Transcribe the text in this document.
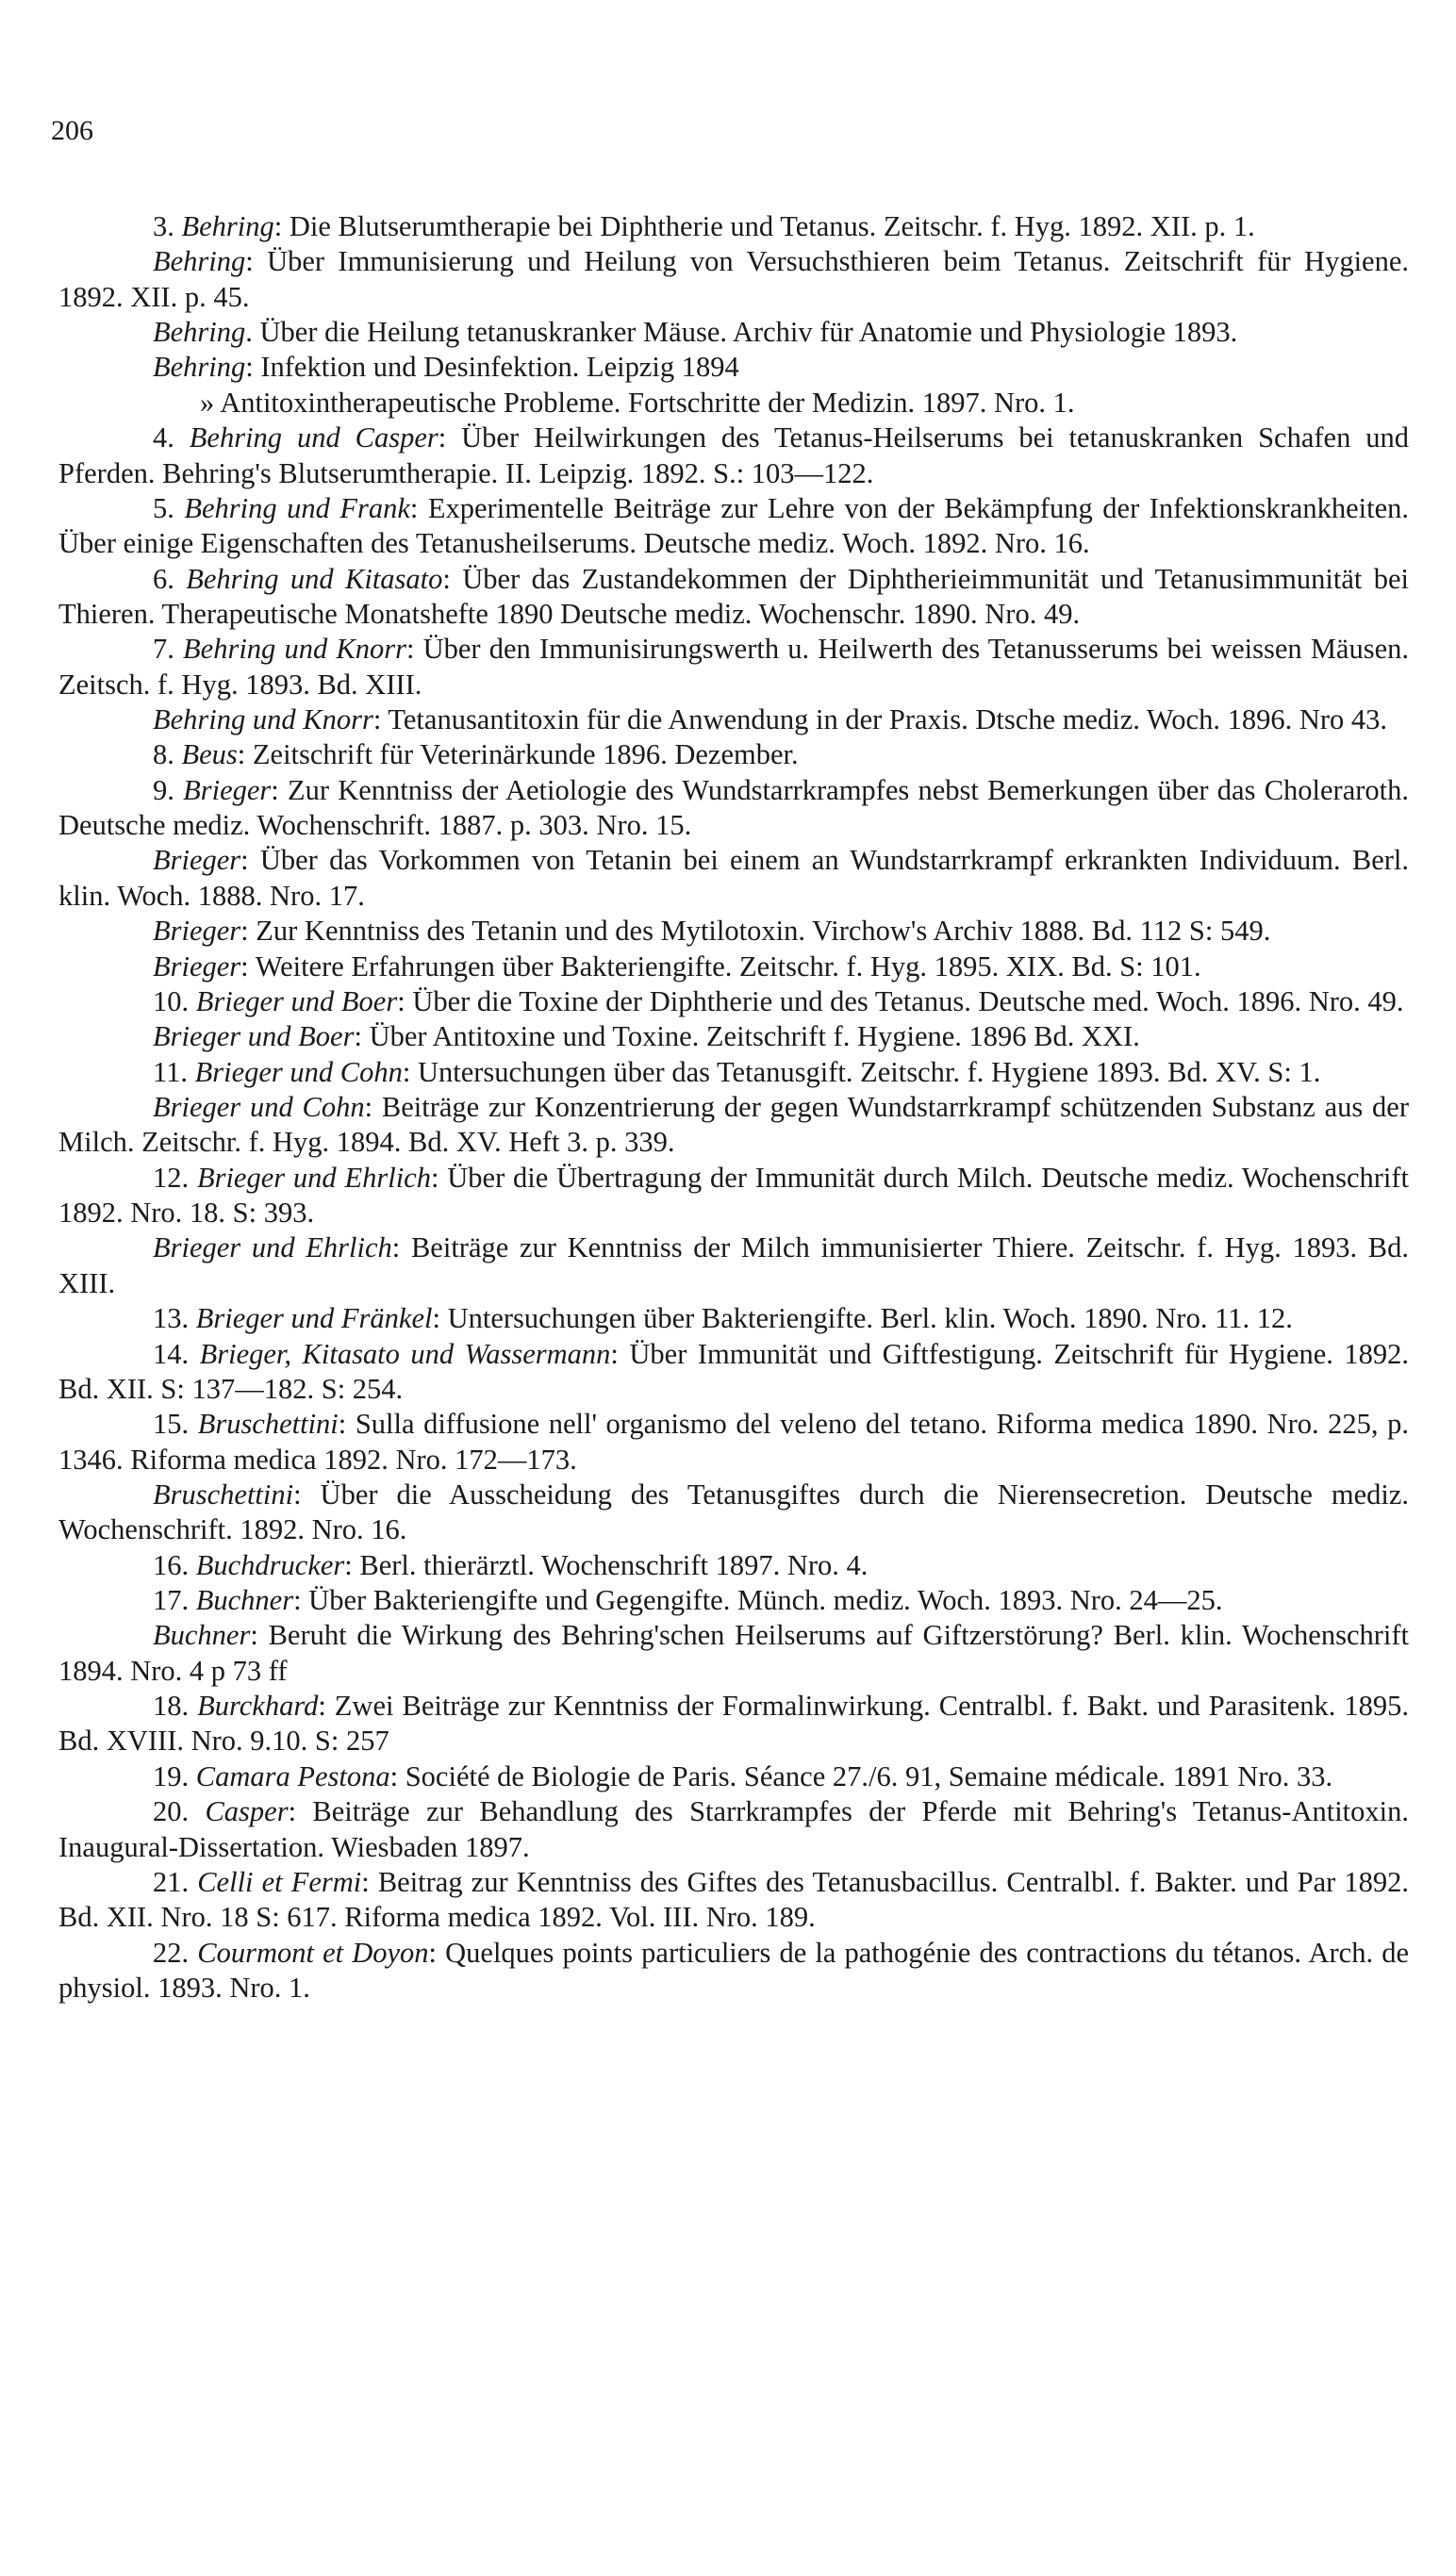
206

3. Behring: Die Blutserumtherapie bei Diphtherie und Tetanus. Zeitschr. f. Hyg. 1892. XII. p. 1.

Behring: Über Immunisierung und Heilung von Versuchsthieren beim Tetanus. Zeitschrift für Hygiene. 1892. XII. p. 45.

Behring. Über die Heilung tetanuskranker Mäuse. Archiv für Anatomie und Physiologie 1893.

Behring: Infektion und Desinfektion. Leipzig 1894

» Antitoxintherapeutische Probleme. Fortschritte der Medizin. 1897. Nro. 1.

4. Behring und Casper: Über Heilwirkungen des Tetanus-Heilserums bei tetanuskranken Schafen und Pferden. Behring's Blutserumtherapie. II. Leipzig. 1892. S.: 103—122.

5. Behring und Frank: Experimentelle Beiträge zur Lehre von der Bekämpfung der Infektionskrankheiten. Über einige Eigenschaften des Tetanusheilserums. Deutsche mediz. Woch. 1892. Nro. 16.

6. Behring und Kitasato: Über das Zustandekommen der Diphtherieimmunität und Tetanusimmunität bei Thieren. Therapeutische Monatshefte 1890 Deutsche mediz. Wochenschr. 1890. Nro. 49.

7. Behring und Knorr: Über den Immunisirungswerth u. Heilwerth des Tetanusserums bei weissen Mäusen. Zeitsch. f. Hyg. 1893. Bd. XIII.

Behring und Knorr: Tetanusantitoxin für die Anwendung in der Praxis. Dtsche mediz. Woch. 1896. Nro 43.

8. Beus: Zeitschrift für Veterinärkunde 1896. Dezember.

9. Brieger: Zur Kenntniss der Aetiologie des Wundstarrkrampfes nebst Bemerkungen über das Choleraroth. Deutsche mediz. Wochenschrift. 1887. p. 303. Nro. 15.

Brieger: Über das Vorkommen von Tetanin bei einem an Wundstarrkrampf erkrankten Individuum. Berl. klin. Woch. 1888. Nro. 17.

Brieger: Zur Kenntniss des Tetanin und des Mytilotoxin. Virchow's Archiv 1888. Bd. 112 S: 549.

Brieger: Weitere Erfahrungen über Bakteriengifte. Zeitschr. f. Hyg. 1895. XIX. Bd. S: 101.

10. Brieger und Boer: Über die Toxine der Diphtherie und des Tetanus. Deutsche med. Woch. 1896. Nro. 49.

Brieger und Boer: Über Antitoxine und Toxine. Zeitschrift f. Hygiene. 1896 Bd. XXI.

11. Brieger und Cohn: Untersuchungen über das Tetanusgift. Zeitschr. f. Hygiene 1893. Bd. XV. S: 1.

Brieger und Cohn: Beiträge zur Konzentrierung der gegen Wundstarrkrampf schützenden Substanz aus der Milch. Zeitschr. f. Hyg. 1894. Bd. XV. Heft 3. p. 339.

12. Brieger und Ehrlich: Über die Übertragung der Immunität durch Milch. Deutsche mediz. Wochenschrift 1892. Nro. 18. S: 393.

Brieger und Ehrlich: Beiträge zur Kenntniss der Milch immunisierter Thiere. Zeitschr. f. Hyg. 1893. Bd. XIII.

13. Brieger und Fränkel: Untersuchungen über Bakteriengifte. Berl. klin. Woch. 1890. Nro. 11. 12.

14. Brieger, Kitasato und Wassermann: Über Immunität und Giftfestigung. Zeitschrift für Hygiene. 1892. Bd. XII. S: 137—182. S: 254.

15. Bruschettini: Sulla diffusione nell' organismo del veleno del tetano. Riforma medica 1890. Nro. 225, p. 1346. Riforma medica 1892. Nro. 172—173.

Bruschettini: Über die Ausscheidung des Tetanusgiftes durch die Nierensecretion. Deutsche mediz. Wochenschrift. 1892. Nro. 16.

16. Buchdrucker: Berl. thierärztl. Wochenschrift 1897. Nro. 4.

17. Buchner: Über Bakteriengifte und Gegengifte. Münch. mediz. Woch. 1893. Nro. 24—25.

Buchner: Beruht die Wirkung des Behring'schen Heilserums auf Giftzerstörung? Berl. klin. Wochenschrift 1894. Nro. 4 p 73 ff

18. Burckhard: Zwei Beiträge zur Kenntniss der Formalinwirkung. Centralbl. f. Bakt. und Parasitenk. 1895. Bd. XVIII. Nro. 9.10. S: 257

19. Camara Pestona: Société de Biologie de Paris. Séance 27./6. 91, Semaine médicale. 1891 Nro. 33.

20. Casper: Beiträge zur Behandlung des Starrkrampfes der Pferde mit Behring's Tetanus-Antitoxin. Inaugural-Dissertation. Wiesbaden 1897.

21. Celli et Fermi: Beitrag zur Kenntniss des Giftes des Tetanusbacillus. Centralbl. f. Bakter. und Par 1892. Bd. XII. Nro. 18 S: 617. Riforma medica 1892. Vol. III. Nro. 189.

22. Courmont et Doyon: Quelques points particuliers de la pathogénie des contractions du tétanos. Arch. de physiol. 1893. Nro. 1.
